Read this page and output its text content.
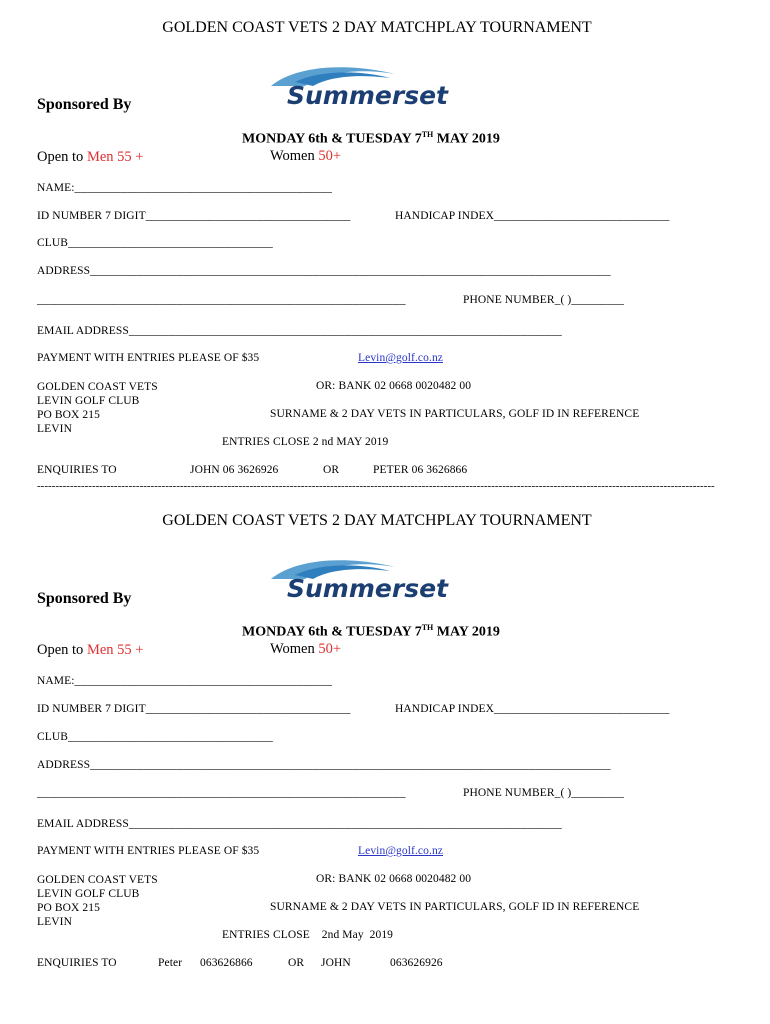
GOLDEN COAST VETS 2 DAY MATCHPLAY TOURNAMENT
Sponsored By	Summerset
Open to Men 55 +
MONDAY 6th & TUESDAY 7TH MAY 2019
Women 50+
NAME:____________________________________________
ID NUMBER 7 DIGIT___________________________________	HANDICAP INDEX______________________________
CLUB___________________________________
ADDRESS_________________________________________________________________________________________
_______________________________________________________________	PHONE NUMBER_( )_________
EMAIL ADDRESS__________________________________________________________________________
PAYMENT WITH ENTRIES PLEASE OF $35	Levin@golf.co.nz
GOLDEN COAST VETS
LEVIN GOLF CLUB
PO BOX 215
LEVIN
OR: BANK 02 0668 0020482 00
SURNAME & 2 DAY VETS IN PARTICULARS, GOLF ID IN REFERENCE
ENTRIES CLOSE 2 nd MAY 2019
ENQUIRIES TO	JOHN 06 3626926	OR	PETER 06 3626866
-----------------------------------------------------------------------------------------------------------------------------------------------------------------------------------------
GOLDEN COAST VETS 2 DAY MATCHPLAY TOURNAMENT
Sponsored By	Summerset
Open to Men 55 +
MONDAY 6th & TUESDAY 7TH MAY 2019
Women 50+
NAME:____________________________________________
ID NUMBER 7 DIGIT___________________________________	HANDICAP INDEX______________________________
CLUB___________________________________
ADDRESS_________________________________________________________________________________________
_______________________________________________________________	PHONE NUMBER_( )_________
EMAIL ADDRESS__________________________________________________________________________
PAYMENT WITH ENTRIES PLEASE OF $35	Levin@golf.co.nz
GOLDEN COAST VETS
LEVIN GOLF CLUB
PO BOX 215
LEVIN
OR: BANK 02 0668 0020482 00
SURNAME & 2 DAY VETS IN PARTICULARS, GOLF ID IN REFERENCE
ENTRIES CLOSE    2nd May  2019
ENQUIRIES TO	Peter 063626866	OR JOHN	063626926
